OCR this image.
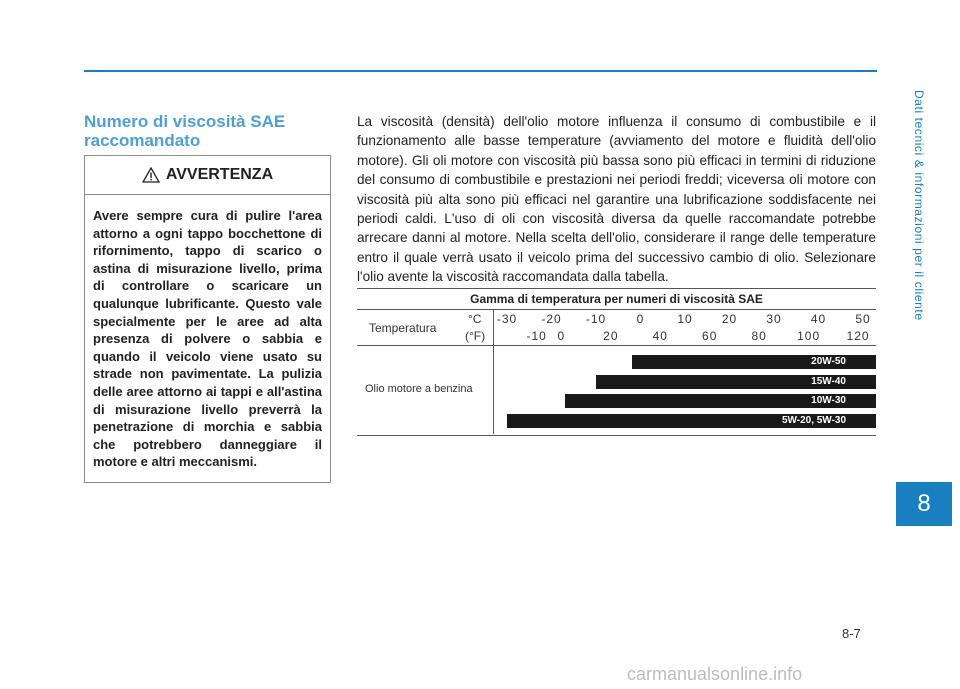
Dati tecnici & informazioni per il cliente
8
8-7
carmanualsonline.info
Numero di viscosità SAE raccomandato
AVVERTENZA
Avere sempre cura di pulire l'area attorno a ogni tappo bocchettone di rifornimento, tappo di scarico o astina di misurazione livello, prima di controllare o scaricare un qualunque lubrificante. Questo vale specialmente per le aree ad alta presenza di polvere o sabbia e quando il veicolo viene usato su strade non pavimentate. La pulizia delle aree attorno ai tappi e all'astina di misurazione livello preverrà la penetrazione di morchia e sabbia che potrebbero danneggiare il motore e altri meccanismi.
La viscosità (densità) dell'olio motore influenza il consumo di combustibile e il funzionamento alle basse temperature (avviamento del motore e fluidità dell'olio motore). Gli oli motore con viscosità più bassa sono più efficaci in termini di riduzione del consumo di combustibile e prestazioni nei periodi freddi; viceversa oli motore con viscosità più alta sono più efficaci nel garantire una lubrificazione soddisfacente nei periodi caldi. L'uso di oli con viscosità diversa da quelle raccomandate potrebbe arrecare danni al motore. Nella scelta dell'olio, considerare il range delle temperature entro il quale verrà usato il veicolo prima del successivo cambio di olio. Selezionare l'olio avente la viscosità raccomandata dalla tabella.
Gamma di temperatura per numeri di viscosità SAE
Temperatura
°C
(°F)
-30 -20 -10	0	10 20 30 40 50
-10 0	20	40	60	80	100 120
Olio motore a benzina
20W-50
15W-40
10W-30
5W-20, 5W-30
